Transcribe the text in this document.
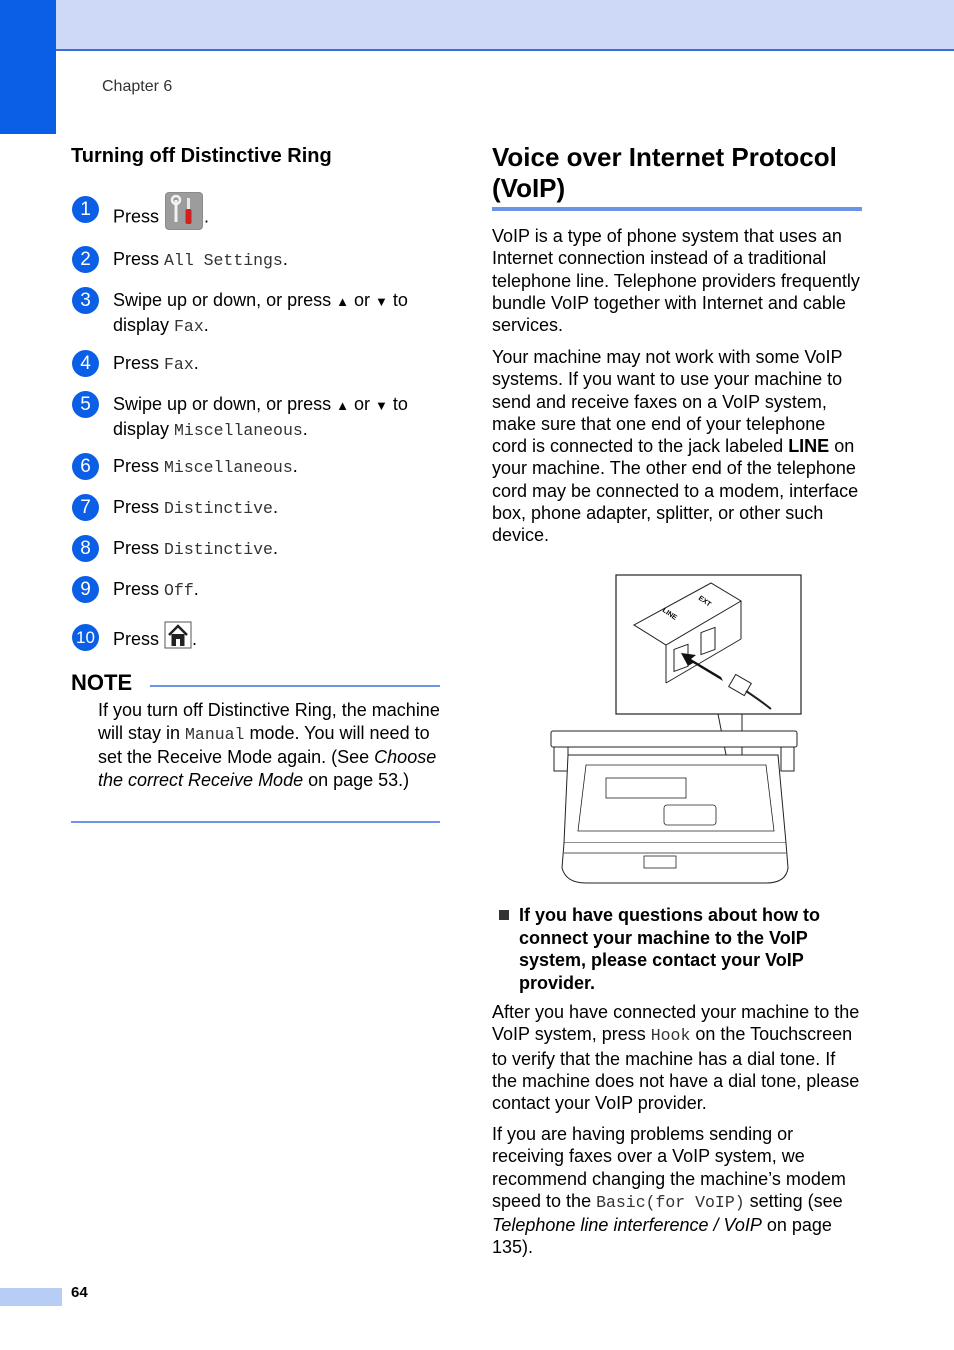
Chapter 6
Turning off Distinctive Ring
1	Press	.
2	Press All Settings.
3	Swipe up or down, or press ▲ or ▼ to display Fax.
4	Press Fax.
5	Swipe up or down, or press ▲ or ▼ to display Miscellaneous.
6	Press Miscellaneous.
7	Press Distinctive.
8	Press Distinctive.
9	Press Off.
10 Press .
NOTE
If you turn off Distinctive Ring, the machine will stay in Manual mode. You will need to set the Receive Mode again. (See Choose the correct Receive Mode on page 53.)
Voice over Internet Protocol (VoIP)
VoIP is a type of phone system that uses an Internet connection instead of a traditional telephone line. Telephone providers frequently bundle VoIP together with Internet and cable services.
Your machine may not work with some VoIP systems. If you want to use your machine to send and receive faxes on a VoIP system, make sure that one end of your telephone cord is connected to the jack labeled LINE on your machine. The other end of the telephone cord may be connected to a modem, interface box, phone adapter, splitter, or other such device.
EXT
LINE
If you have questions about how to connect your machine to the VoIP system, please contact your VoIP provider.
After you have connected your machine to the VoIP system, press Hook on the Touchscreen to verify that the machine has a dial tone. If the machine does not have a dial tone, please contact your VoIP provider.
If you are having problems sending or receiving faxes over a VoIP system, we recommend changing the machine’s modem speed to the Basic(for VoIP) setting (see Telephone line interference / VoIP on page 135).
64
